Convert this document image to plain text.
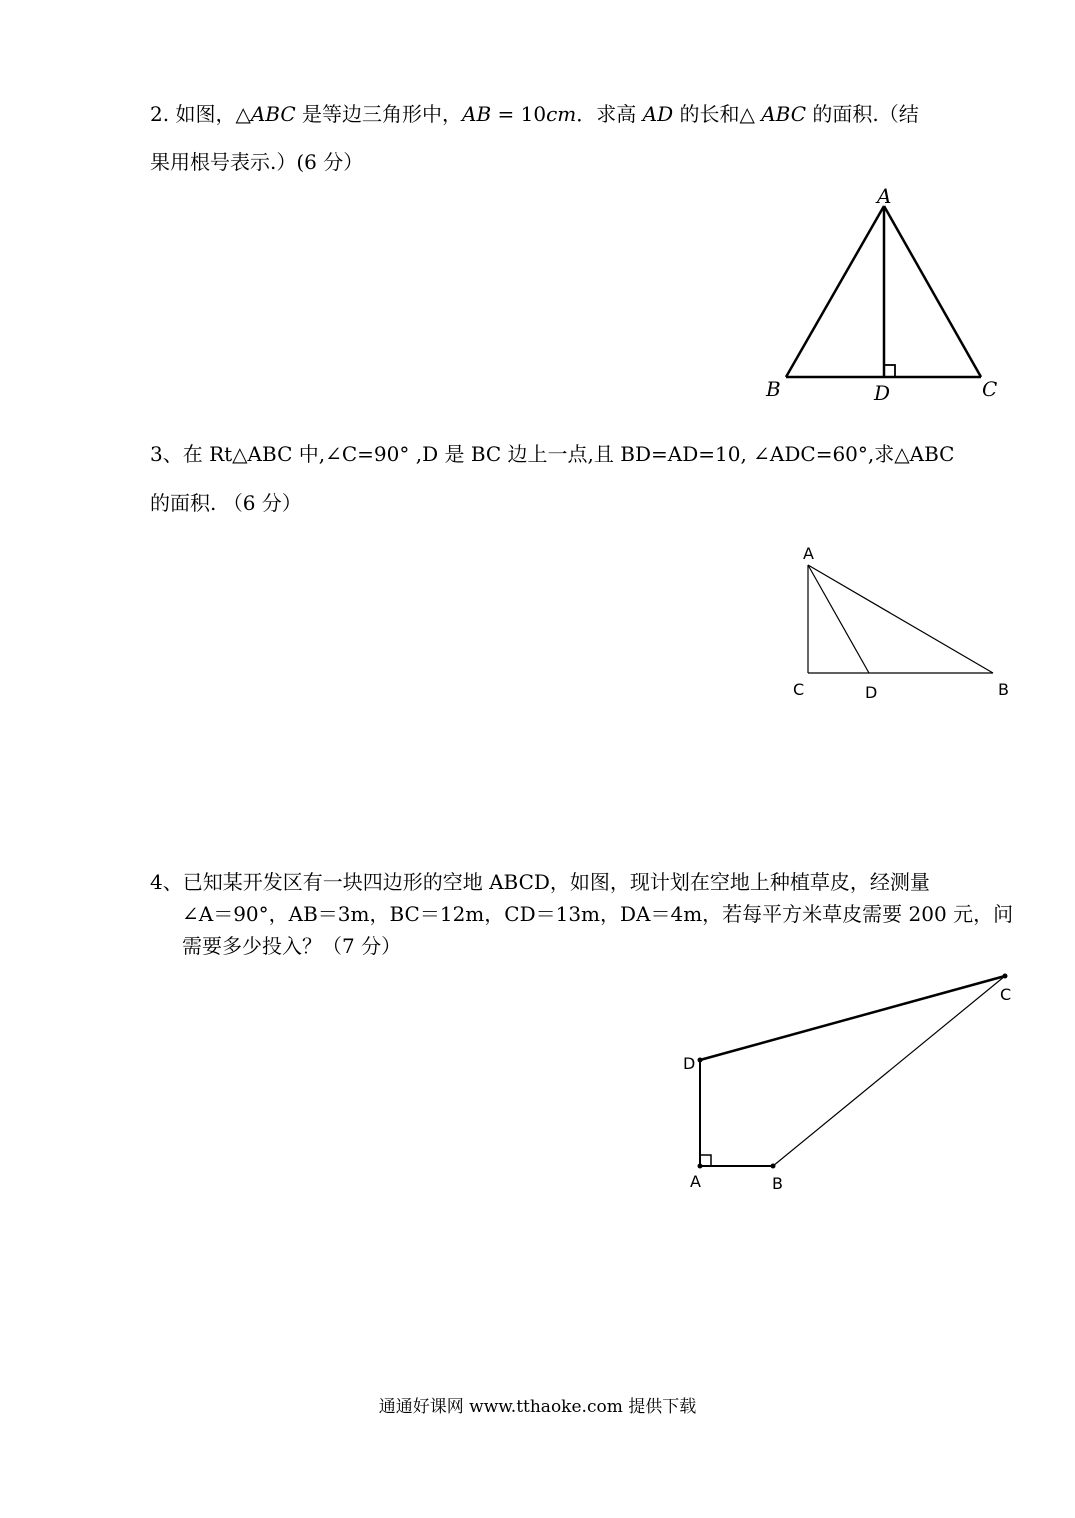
2. 如图，△ABC 是等边三角形中，AB = 10cm．求高 AD 的长和△ ABC 的面积.（结
果用根号表示.）(6 分）
A
B	C
D
3、在 Rt△ABC 中,∠C=90° ,D 是 BC 边上一点,且 BD=AD=10, ∠ADC=60°,求△ABC
的面积. （6 分）
A
C	D	B
4、已知某开发区有一块四边形的空地 ABCD，如图，现计划在空地上种植草皮，经测量
∠A＝90°，AB＝3m，BC＝12m，CD＝13m，DA＝4m，若每平方米草皮需要 200 元，问
需要多少投入？（7 分）
D
A	B
C
通通好课网 www.tthaoke.com 提供下载
